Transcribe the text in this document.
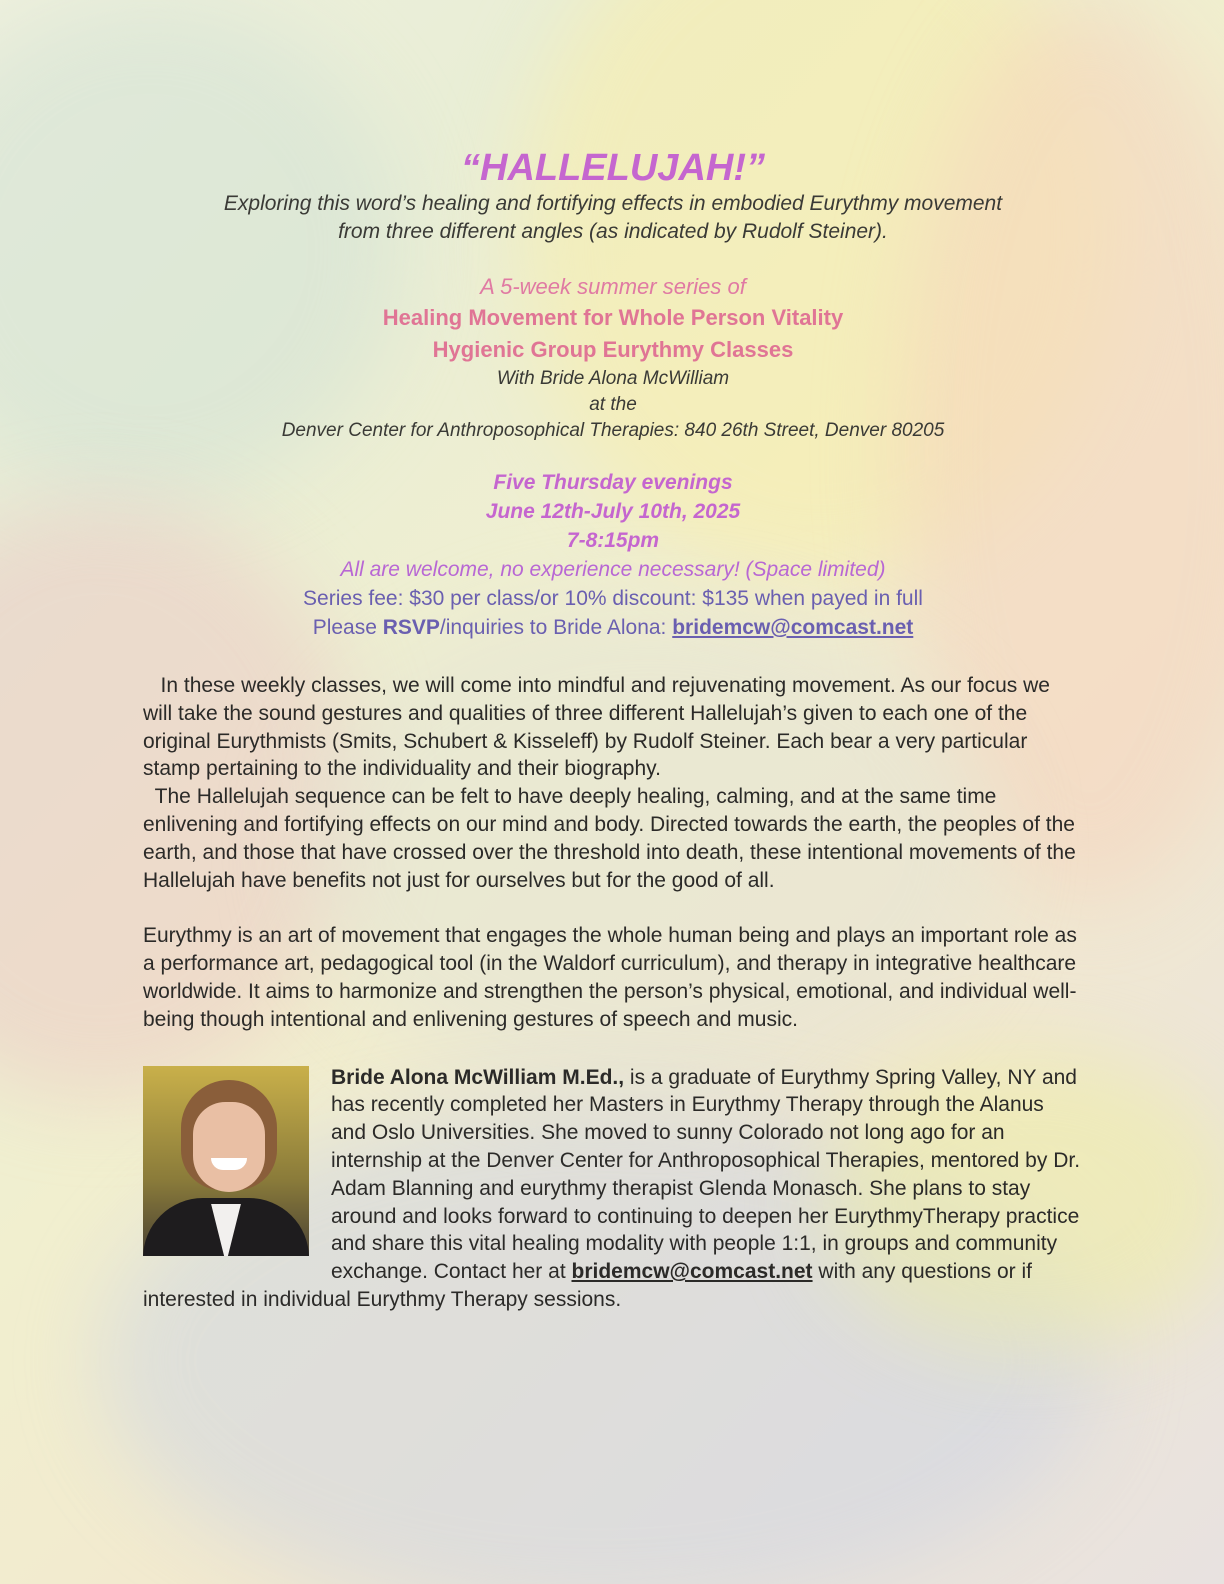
“HALLELUJAH!”
Exploring this word’s healing and fortifying effects in embodied Eurythmy movement
from three different angles (as indicated by Rudolf Steiner).
A 5-week summer series of
Healing Movement for Whole Person Vitality
Hygienic Group Eurythmy Classes
With Bride Alona McWilliam
at the
Denver Center for Anthroposophical Therapies: 840 26th Street, Denver 80205
Five Thursday evenings
June 12th-July 10th, 2025
7-8:15pm
All are welcome, no experience necessary! (Space limited)
Series fee: $30 per class/or 10% discount: $135 when payed in full
Please RSVP/inquiries to Bride Alona: bridemcw@comcast.net
In these weekly classes, we will come into mindful and rejuvenating movement. As our focus we will take the sound gestures and qualities of three different Hallelujah’s given to each one of the original Eurythmists (Smits, Schubert & Kisseleff) by Rudolf Steiner. Each bear a very particular stamp pertaining to the individuality and their biography.
The Hallelujah sequence can be felt to have deeply healing, calming, and at the same time enlivening and fortifying effects on our mind and body. Directed towards the earth, the peoples of the earth, and those that have crossed over the threshold into death, these intentional movements of the Hallelujah have benefits not just for ourselves but for the good of all.
Eurythmy is an art of movement that engages the whole human being and plays an important role as a performance art, pedagogical tool (in the Waldorf curriculum), and therapy in integrative healthcare worldwide. It aims to harmonize and strengthen the person’s physical, emotional, and individual well-being though intentional and enlivening gestures of speech and music.
Bride Alona McWilliam M.Ed., is a graduate of Eurythmy Spring Valley, NY and has recently completed her Masters in Eurythmy Therapy through the Alanus and Oslo Universities. She moved to sunny Colorado not long ago for an internship at the Denver Center for Anthroposophical Therapies, mentored by Dr. Adam Blanning and eurythmy therapist Glenda Monasch. She plans to stay around and looks forward to continuing to deepen her EurythmyTherapy practice and share this vital healing modality with people 1:1, in groups and community exchange. Contact her at bridemcw@comcast.net with any questions or if interested in individual Eurythmy Therapy sessions.
